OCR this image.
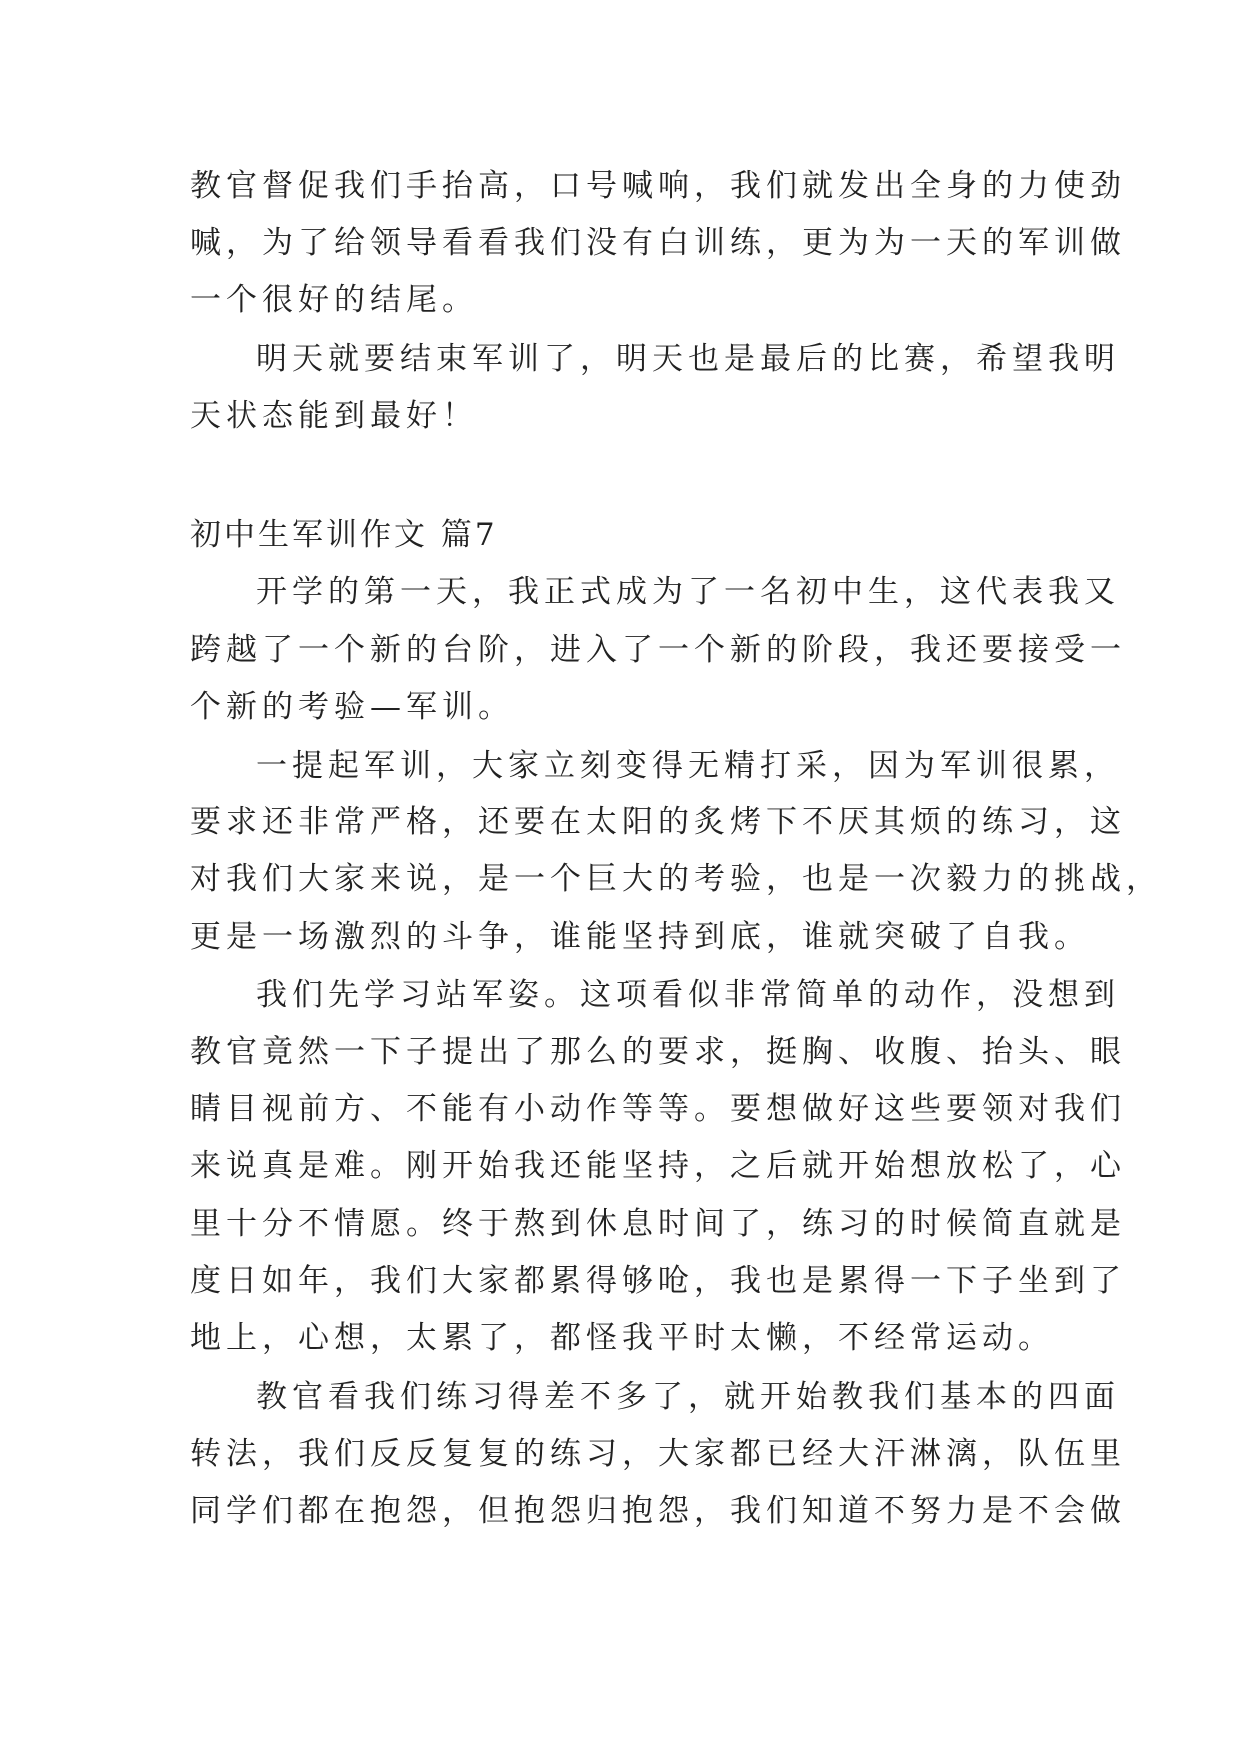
教官督促我们手抬高，口号喊响，我们就发出全身的力使劲
喊，为了给领导看看我们没有白训练，更为为一天的军训做
一个很好的结尾。
明天就要结束军训了，明天也是最后的比赛，希望我明
天状态能到最好！
初中生军训作文 篇7
开学的第一天，我正式成为了一名初中生，这代表我又
跨越了一个新的台阶，进入了一个新的阶段，我还要接受一
个新的考验—军训。
一提起军训，大家立刻变得无精打采，因为军训很累，
要求还非常严格，还要在太阳的炙烤下不厌其烦的练习，这
对我们大家来说，是一个巨大的考验，也是一次毅力的挑战，
更是一场激烈的斗争，谁能坚持到底，谁就突破了自我。
我们先学习站军姿。这项看似非常简单的动作，没想到
教官竟然一下子提出了那么的要求，挺胸、收腹、抬头、眼
睛目视前方、不能有小动作等等。要想做好这些要领对我们
来说真是难。刚开始我还能坚持，之后就开始想放松了，心
里十分不情愿。终于熬到休息时间了，练习的时候简直就是
度日如年，我们大家都累得够呛，我也是累得一下子坐到了
地上，心想，太累了，都怪我平时太懒，不经常运动。
教官看我们练习得差不多了，就开始教我们基本的四面
转法，我们反反复复的练习，大家都已经大汗淋漓，队伍里
同学们都在抱怨，但抱怨归抱怨，我们知道不努力是不会做
